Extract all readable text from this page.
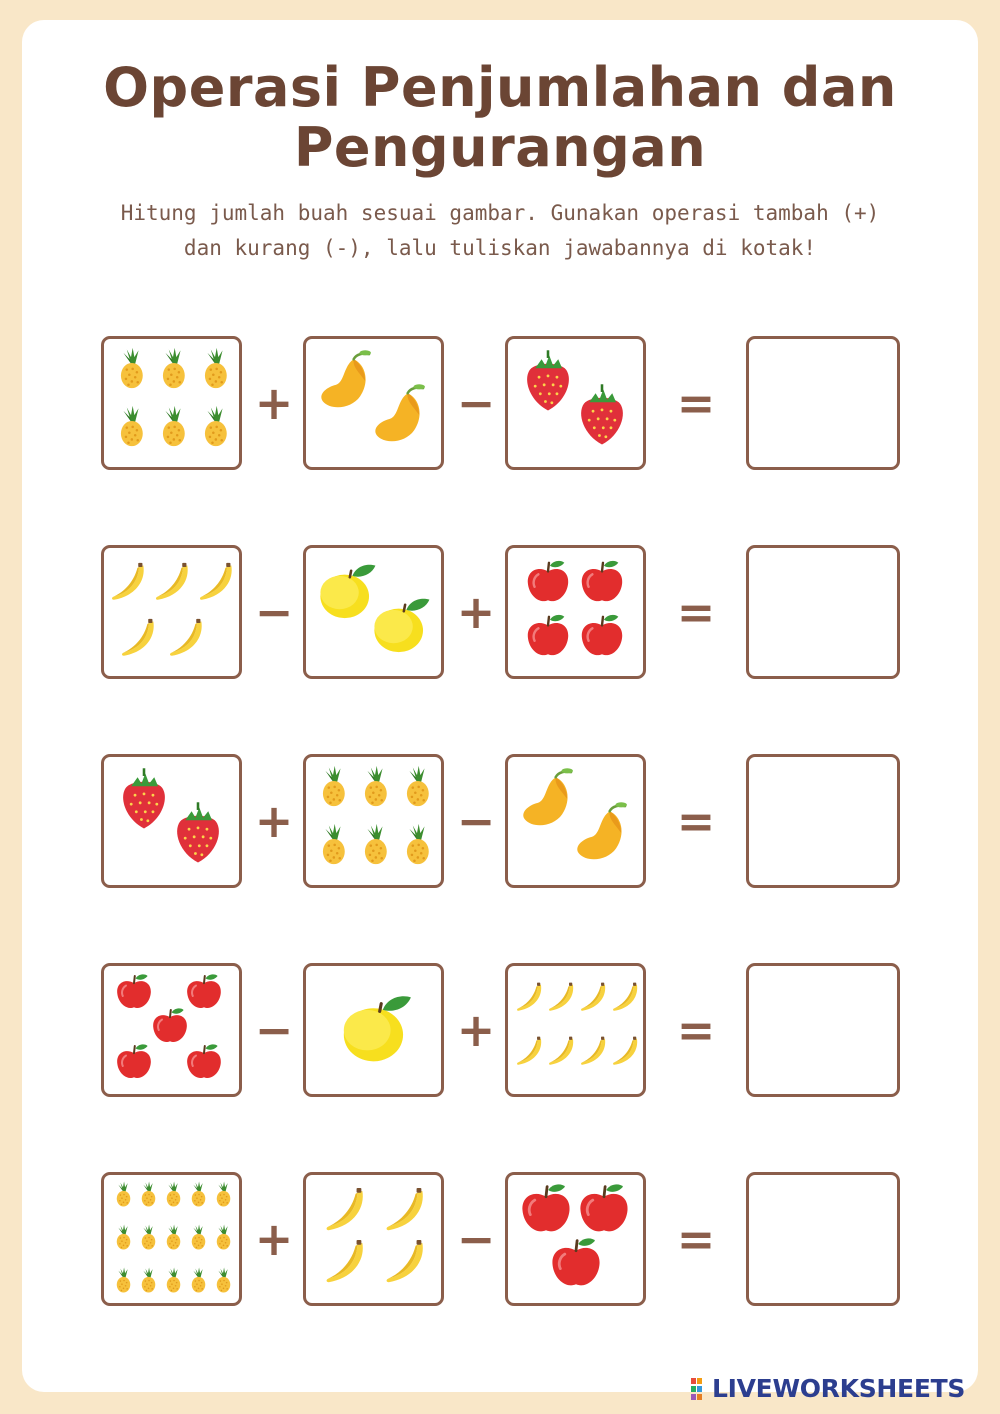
Operasi Penjumlahan dan Pengurangan
Hitung jumlah buah sesuai gambar. Gunakan operasi tambah (+) dan kurang (-), lalu tuliskan jawabannya di kotak!
+	−	=
−	+	=
+	−	=
−	+	=
+	−	=
LIVEWORKSHEETS
